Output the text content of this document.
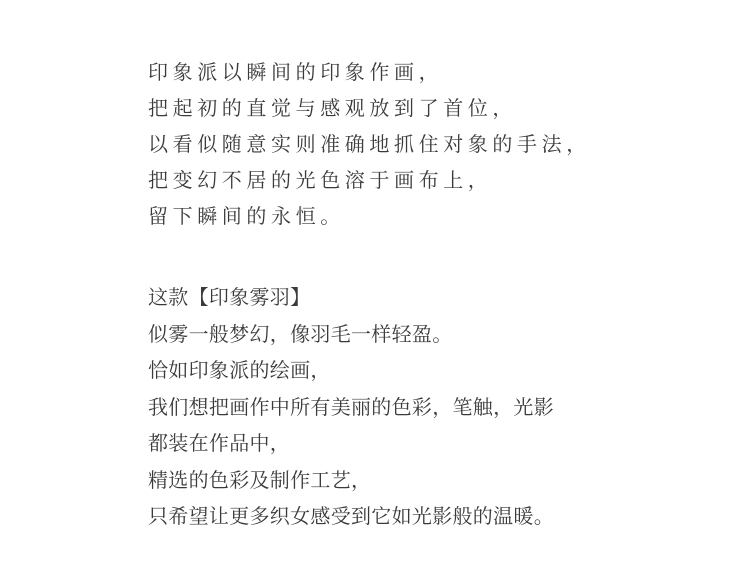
印象派以瞬间的印象作画，
把起初的直觉与感观放到了首位，
以看似随意实则准确地抓住对象的手法，
把变幻不居的光色溶于画布上，
留下瞬间的永恒。
这款【印象雾羽】
似雾一般梦幻，像羽毛一样轻盈。
恰如印象派的绘画，
我们想把画作中所有美丽的色彩，笔触，光影
都装在作品中，
精选的色彩及制作工艺，
只希望让更多织女感受到它如光影般的温暖。
